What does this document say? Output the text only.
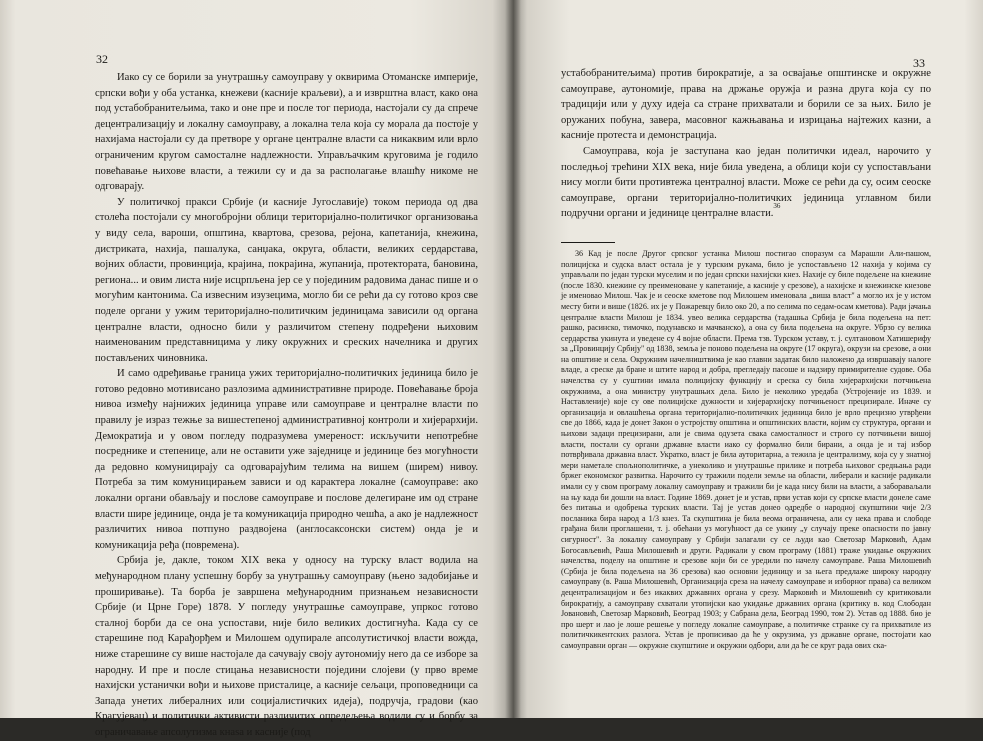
32

Иако су се борили за унутрашњу самоуправу у оквирима Отоманске империје, српски вођи у оба устанка, кнежеви (касније краљеви), а и изврштна власт, како она под устабобранитељима, тако и оне пре и после тог периода, настојали су да спрече децентрализацију и локалну самоуправу, а локална тела која су морала да постоје у нахијама настојали су да претворе у органе централне власти са никаквим или врло ограниченим кругом самосталне надлежности. Управљачким круговима је годило повећавање њихове власти, а тежили су и да за располагање влашћу никоме не одговарају.

У политичкој пракси Србије (и касније Југославије) током периода од два столећа постојали су многобројни облици територијално-политичког организовања у виду села, вароши, општина, квартова, срезова, рејона, капетанија, кнежина, дистриката, нахија, пашалука, санџака, округа, области, великих сердарстава, војних области, провинција, крајина, покрајина, жупанија, протектората, бановина, региона... и овим листа није исцрпљена јер се у појединим радовима данас пише и о могућим кантонима. Са извесним изузецима, могло би се рећи да су готово кроз све поделе органи у ужим територијално-политичким јединицама зависили од органа централне власти, односно били у различитом степену подређени њиховим наименованим представницима у лику окружних и среских начелника и других постављених чиновника.

И само одређивање граница ужих територијално-политичких јединица било је готово редовно мотивисано разлозима административне природе. Повећавање броја нивоа између најнижих јединица управе или самоуправе и централне власти по правилу је израз тежње за вишестепеној административној контроли и хијерархији. Демократија и у овом погледу подразумева умереност: искључити непотребне посреднике и степенице, али не оставити уже заједнице и јединице без могућности да редовно комуницирају са одговарајућим телима на вишем (ширем) нивоу. Потреба за тим комуницирањем зависи и од карактера локалне (самоуправе: ако локални органи обављају и послове самоуправе и послове делегиране им од стране власти шире јединице, онда је та комуникација природно чешћа, а ако је надлежност различитих нивоа потпуно раздвојена (англосаксонски систем) онда је и комуникација ређа (повремена).

Србија је, дакле, током XIX века у односу на турску власт водила на међународном плану успешну борбу за унутрашњу самоуправу (њено задобијање и проширивање). Та борба је завршена међународним признањем независности Србије (и Црне Горе) 1878. У погледу унутрашње самоуправе, упркос готово сталној борби да се она успостави, није било великих достигнућа. Када су се старешине под Карађорђем и Милошем одупирале апсолутистичкој власти вожда, ниже старешине су више настојале да сачувају своју аутономију него да се изборе за народну. И пре и после стицања независности поједини слојеви (у прво време нахијски устанички вођи и њихове присталице, а касније сељаци, проповедници са Запада унетих либералних или социјалистичких идеја), подручја, градови (као Крагујевац) и политички активисти различитих опредељења водили су и борбу за ограничавање апсолутизма кнаѕа и касније (под

33

устабобранитељима) против бирократије, а за освајање општинске и окружне самоуправе, аутономије, права на држање оружја и разна друга која су по традицији или у духу идеја са стране прихватали и борили се за њих. Било је оружаних побуна, завера, масовног кажњавања и изрицања најтежих казни, а касније протеста и демонстрација.

Самоуправа, која је заступана као један политички идеал, нарочито у последњој трећини XIX века, није била уведена, а облици који су успостављани нису могли бити противтежа централној власти. Може се рећи да су, осим сеоске самоуправе, органи територијално-политичких јединица углавном били подручни органи и јединице централне власти.$^{36}$

36 Кад је после Другог српског устанка Милош постигао споразум са Марашли Али-пашом, полицијска и судска власт остала је у турским рукама, било је успостављено 12 нахија у којима су управљали по један турски муселим и по један српски нахијски кнез. Нахије су биле подељене на кнежине (после 1830. кнежине су преименоване у капетаније, а касније у срезове), а нахијске и кнежинске кнезове је именовао Милош. Чак је и сеоске кметове под Милошем именовала „виша власт" а могло их је у истом месту бити и више (1826. их је у Пожаревцу било око 20, а по селима по седам-осам кметова). Ради јачања централне власти Милош је 1834. увео велика сердарства (тадашња Србија је била подељена на пет: рашко, расинско, тимочко, подунавско и мачванско), а она су била подељена на округе. Убрзо су велика сердарства укинута и уведене су 4 војне области. Према тзв. Турском уставу, т. ј. султановом Хатишерифу за „Провинцију Србију" од 1838, земља је поново подељена на округе (17 округа), окрузи на срезове, а они на општине и села. Окружним начелништвима је као главни задатак било наложено да извршавају налоге владе, а среске да бране и штите народ и добра, прегледају пасоше и надзиру примирителне судове. Оба начелства су у суштини имала полицијску функцију и среска су била хијерархијски потчињена окружнима, а она министру унутрашњих дела. Било је неколико уредаба (Устројеније из 1839. и Наставленије) које су ове полицијске дужности и хијерархијску потчињеност прецизирале. Иначе су организација и овлашћења органа територијално-политичких јединица било је врло прецизно утврђени све до 1866, када је донет Закон о устројству општина и општинских власти, којим су структура, органи и њихови задаци прецизирани, али је свима одузета свака самосталност и строго су потчињени вишој власти, постали су органи државне власти иако су формално били бирани, а онда је и тај избор потврђивала државна власт. Укратко, власт је била ауторитарна, а тежила је централизму, која су у знатној мери наметале спољнополитичке, а унеколико и унутрашње прилике и потреба њиховог средњања ради бржег економског развитка. Нарочито су тражили подели земље на области, либерали и касније радикали имали су у свом програму локалну самоуправу и тражили би је када нису били на власти, а забораваљали на њу када би дошли на власт. Године 1869. донет је и устав, први устав који су српске власти донеле саме без питања и одобрења турских власти. Тај је устав донео одредбе о народној скупштини чије 2/3 посланика бира народ а 1/3 кнез. Та скупштина је била веома ограничена, али су нека права и слободе грађана били проглашени, т. ј. обећани уз могућност да се укину „у случају преке опасности по јавну сигурност". За локалну самоуправу у Србији залагали су се људи као Светозар Марковић, Адам Богосављевић, Раша Милошевић и други. Радикали у свом програму (1881) траже укидање окружних начелства, поделу на општине и срезове који би се уредили по начелу самоуправе. Раша Милошевић (Србија је била подељена на 36 срезова) као основни јединицу и за њега предлаже широку народну самоуправу (в. Раша Милошевић, Организација среза на начелу самоуправе и изборног права) са великом децентрализацијом и без икаквих државних органа у срезу. Марковић и Милошевић су критиковали бирократију, а самоуправу схватали утопијски као укидање државних органа (критику в. код Слободан Јовановић, Светозар Марковић, Београд 1903; у Сабрана дела, Београд 1990, том 2). Устав од 1888. био је про шерт и лао је лоше решење у погледу локалне самоуправе, а политичке странке су га прихватиле из политичкикентских разлога. Устав је прописивао да ће у окрузима, уз државне органе, постојати као самоуправни орган — окружне скупштине и окружни одбори, али да ће се круг рада ових ска-
